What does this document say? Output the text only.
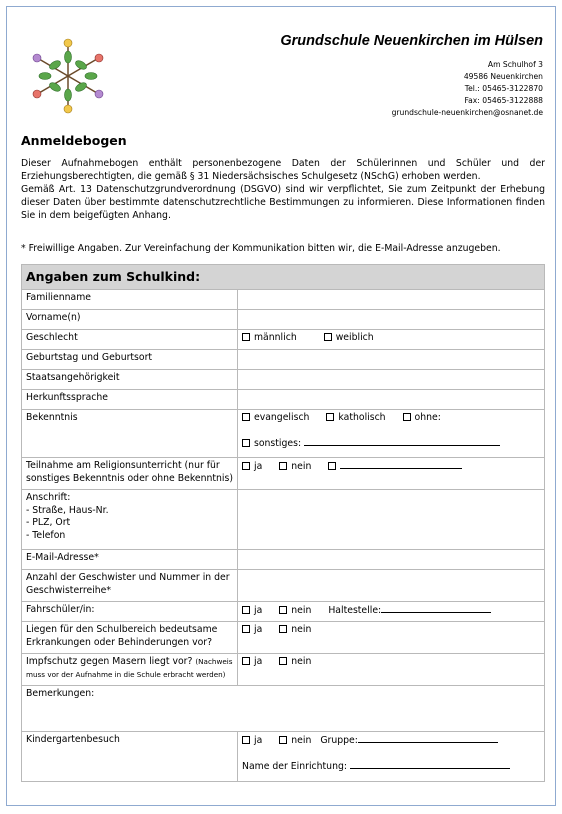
Grundschule Neuenkirchen im Hülsen
Am Schulhof 3
49586 Neuenkirchen
Tel.: 05465-3122870
Fax: 05465-3122888
grundschule-neuenkirchen@osnanet.de
Anmeldebogen

Dieser Aufnahmebogen enthält personenbezogene Daten der Schülerinnen und Schüler und der Erziehungsberechtigten, die gemäß § 31 Niedersächsisches Schulgesetz (NSchG) erhoben werden.

Gemäß Art. 13 Datenschutzgrundverordnung (DSGVO) sind wir verpflichtet, Sie zum Zeitpunkt der Erhebung dieser Daten über bestimmte datenschutzrechtliche Bestimmungen zu informieren. Diese Informationen finden Sie in dem beigefügten Anhang.

* Freiwillige Angaben. Zur Vereinfachung der Kommunikation bitten wir, die E-Mail-Adresse anzugeben.
Angaben zum Schulkind:	
Familienname	
Vorname(n)	
Geschlecht	männlich weiblich
Geburtstag und Geburtsort	
Staatsangehörigkeit	
Herkunftssprache	
Bekenntnis	evangelisch katholisch ohne:
sonstiges:
Teilnahme am Religionsunterricht (nur für sonstiges Bekenntnis oder ohne Bekenntnis)	ja nein

Anschrift:
- Straße, Haus-Nr.
- PLZ, Ort
- Telefon	

E-Mail-Adresse*	
Anzahl der Geschwister und Nummer in der Geschwisterreihe*	
Fahrschüler/in:	ja nein Haltestelle:
Liegen für den Schulbereich bedeutsame Erkrankungen oder Behinderungen vor?	ja nein
Impfschutz gegen Masern liegt vor? (Nachweis muss vor der Aufnahme in die Schule erbracht werden)	ja nein
Bemerkungen:	
Kindergartenbesuch	ja nein Gruppe:
Name der Einrichtung:
